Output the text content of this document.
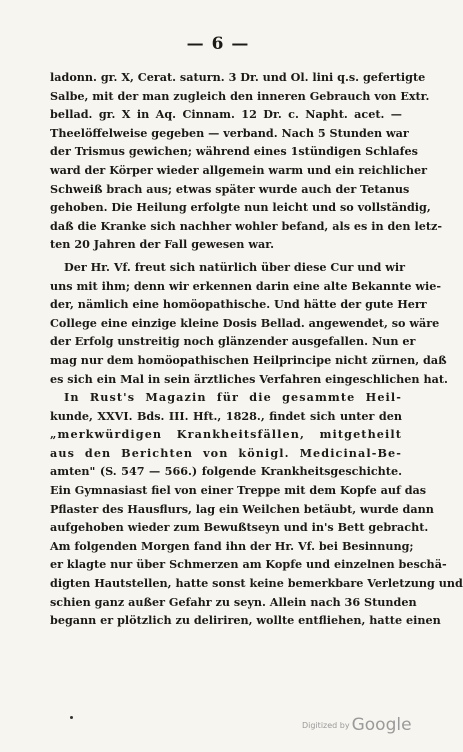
— 6 —
ladonn. gr. X, Cerat. saturn. 3 Dr. und Ol. lini q.s. gefertigte
Salbe, mit der man zugleich den inneren Gebrauch von Extr.
bellad. gr. X in Aq. Cinnam. 12 Dr. c. Napht. acet. —
Theelöffelweise gegeben — verband. Nach 5 Stunden war
der Trismus gewichen; während eines 1stündigen Schlafes
ward der Körper wieder allgemein warm und ein reichlicher
Schweiß brach aus; etwas später wurde auch der Tetanus
gehoben. Die Heilung erfolgte nun leicht und so vollständig,
daß die Kranke sich nachher wohler befand, als es in den letz-
ten 20 Jahren der Fall gewesen war.
Der Hr. Vf. freut sich natürlich über diese Cur und wir
uns mit ihm; denn wir erkennen darin eine alte Bekannte wie-
der, nämlich eine homöopathische. Und hätte der gute Herr
College eine einzige kleine Dosis Bellad. angewendet, so wäre
der Erfolg unstreitig noch glänzender ausgefallen. Nun er
mag nur dem homöopathischen Heilprincipe nicht zürnen, daß
es sich ein Mal in sein ärztliches Verfahren eingeschlichen hat.
In Rust's Magazin für die gesammte Heil-
kunde, XXVI. Bds. III. Hft., 1828., findet sich unter den
„merkwürdigen Krankheitsfällen, mitgetheilt
aus den Berichten von königl. Medicinal-Be-
amten" (S. 547 — 566.) folgende Krankheitsgeschichte.
Ein Gymnasiast fiel von einer Treppe mit dem Kopfe auf das
Pflaster des Hausflurs, lag ein Weilchen betäubt, wurde dann
aufgehoben wieder zum Bewußtseyn und in's Bett gebracht.
Am folgenden Morgen fand ihn der Hr. Vf. bei Besinnung;
er klagte nur über Schmerzen am Kopfe und einzelnen beschä-
digten Hautstellen, hatte sonst keine bemerkbare Verletzung und
schien ganz außer Gefahr zu seyn. Allein nach 36 Stunden
begann er plötzlich zu deliriren, wollte entfliehen, hatte einen
Digitized by Google
